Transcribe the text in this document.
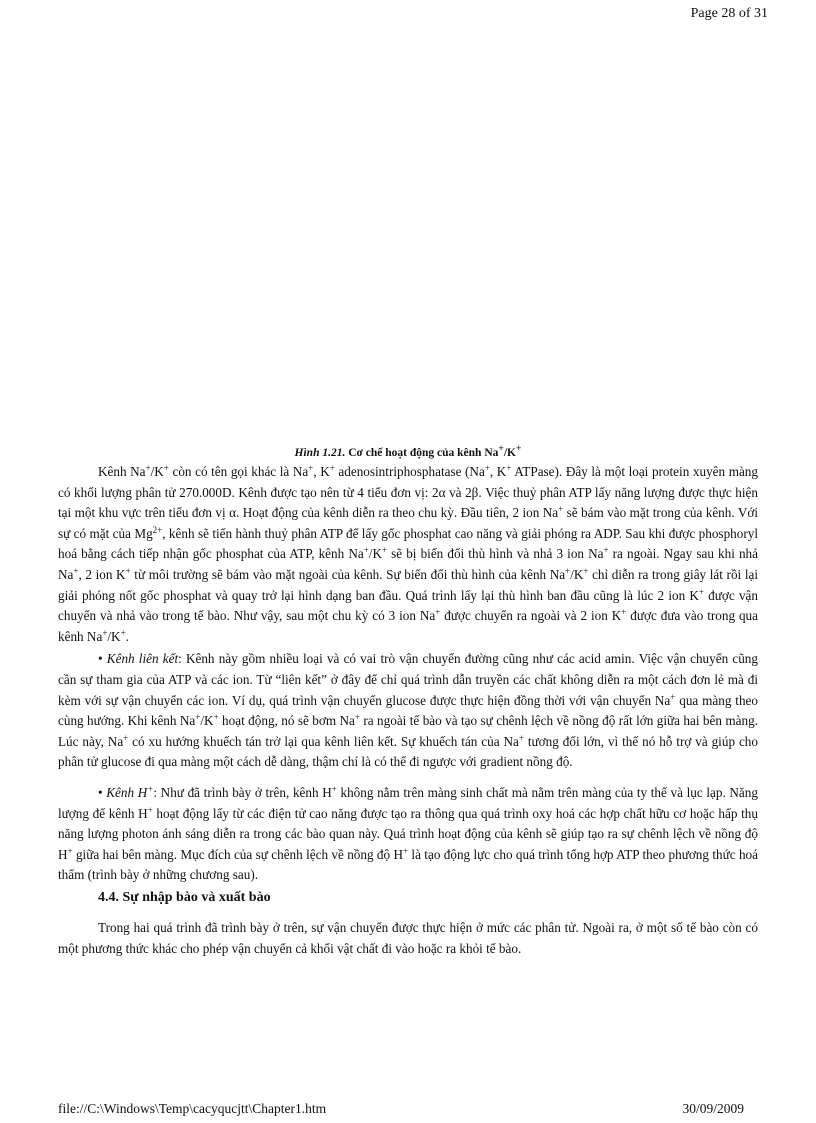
Page 28 of 31
Hình 1.21. Cơ chế hoạt động của kênh Na+/K+

Kênh Na+/K+ còn có tên gọi khác là Na+, K+ adenosintriphosphatase (Na+, K+ ATPase). Đây là một loại protein xuyên màng có khối lượng phân tử 270.000D. Kênh được tạo nên từ 4 tiểu đơn vị: 2α và 2β. Việc thuỷ phân ATP lấy năng lượng được thực hiện tại một khu vực trên tiểu đơn vị α. Hoạt động của kênh diễn ra theo chu kỳ. Đầu tiên, 2 ion Na+ sẽ bám vào mặt trong của kênh. Với sự có mặt của $Mg^{2+}$, kênh sẽ tiến hành thuỷ phân ATP để lấy gốc phosphat cao năng và giải phóng ra ADP. Sau khi được phosphoryl hoá bằng cách tiếp nhận gốc phosphat của ATP, kênh Na+/K+ sẽ bị biến đổi thù hình và nhả 3 ion Na+ ra ngoài. Ngay sau khi nhả Na+, 2 ion K+ từ môi trường sẽ bám vào mặt ngoài của kênh. Sự biến đổi thù hình của kênh Na+/K+ chỉ diễn ra trong giây lát rồi lại giải phóng nốt gốc phosphat và quay trở lại hình dạng ban đầu. Quá trình lấy lại thù hình ban đầu cũng là lúc 2 ion K+ được vận chuyển và nhả vào trong tế bào. Như vậy, sau một chu kỳ có 3 ion Na+ được chuyển ra ngoài và 2 ion K+ được đưa vào trong qua kênh Na+/K+.

• Kênh liên kết: Kênh này gồm nhiều loại và có vai trò vận chuyển đường cũng như các acid amin. Việc vận chuyển cũng cần sự tham gia của ATP và các ion. Từ “liên kết” ở đây để chỉ quá trình dẫn truyền các chất không diễn ra một cách đơn lẻ mà đi kèm với sự vận chuyển các ion. Ví dụ, quá trình vận chuyển glucose được thực hiện đồng thời với vận chuyển Na+ qua màng theo cùng hướng. Khi kênh Na+/K+ hoạt động, nó sẽ bơm Na+ ra ngoài tế bào và tạo sự chênh lệch về nồng độ rất lớn giữa hai bên màng. Lúc này, Na+ có xu hướng khuếch tán trở lại qua kênh liên kết. Sự khuếch tán của Na+ tương đối lớn, vì thế nó hỗ trợ và giúp cho phân tử glucose đi qua màng một cách dễ dàng, thậm chí là có thể đi ngược với gradient nồng độ.

• Kênh H+: Như đã trình bày ở trên, kênh H+ không nằm trên màng sinh chất mà nằm trên màng của ty thể và lục lạp. Năng lượng để kênh H+ hoạt động lấy từ các điện tử cao năng được tạo ra thông qua quá trình oxy hoá các hợp chất hữu cơ hoặc hấp thụ năng lượng photon ánh sáng diễn ra trong các bào quan này. Quá trình hoạt động của kênh sẽ giúp tạo ra sự chênh lệch về nồng độ H+ giữa hai bên màng. Mục đích của sự chênh lệch về nồng độ H+ là tạo động lực cho quá trình tổng hợp ATP theo phương thức hoá thẩm (trình bày ở những chương sau).

4.4. Sự nhập bào và xuất bào

Trong hai quá trình đã trình bày ở trên, sự vận chuyển được thực hiện ở mức các phân tử. Ngoài ra, ở một số tế bào còn có một phương thức khác cho phép vận chuyển cả khối vật chất đi vào hoặc ra khỏi tế bào.

file://C:\Windows\Temp\cacyqucjtt\Chapter1.htm	30/09/2009
